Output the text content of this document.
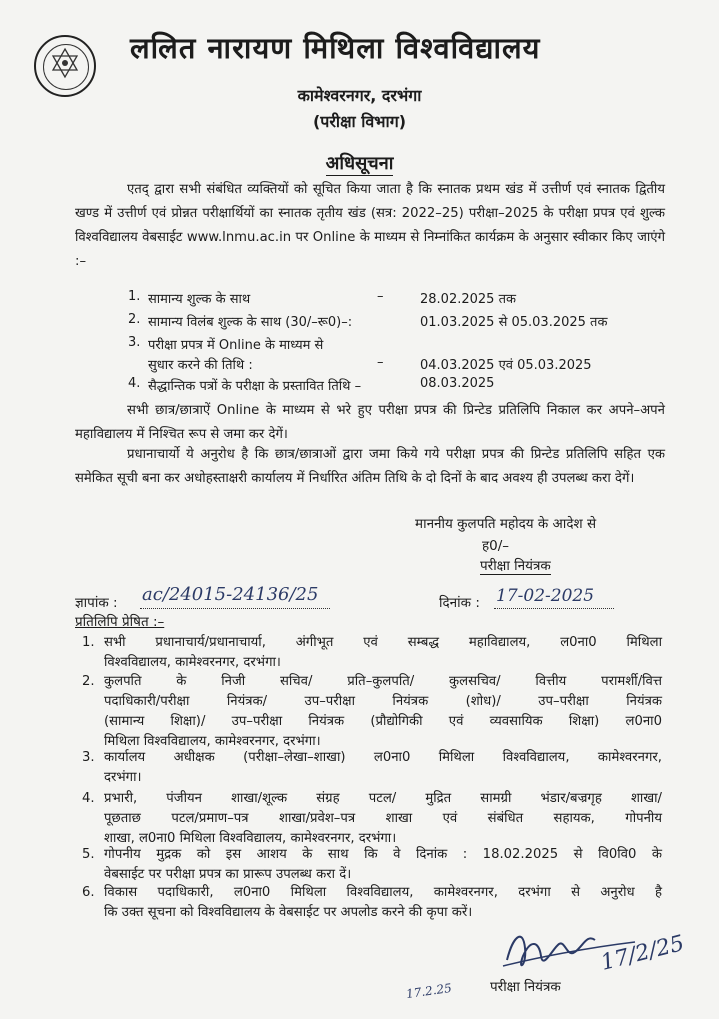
ललित नारायण मिथिला विश्वविद्यालय
कामेश्वरनगर, दरभंगा
(परीक्षा विभाग)
अधिसूचना
एतद् द्वारा सभी संबंधित व्यक्तियों को सूचित किया जाता है कि स्नातक प्रथम खंड में उत्तीर्ण एवं स्नातक द्वितीय खण्ड में उत्तीर्ण एवं प्रोन्नत परीक्षार्थियों का स्नातक तृतीय खंड (सत्र: 2022–25) परीक्षा–2025 के परीक्षा प्रपत्र एवं शुल्क विश्वविद्यालय वेबसाईट www.lnmu.ac.in पर Online के माध्यम से निम्नांकित कार्यक्रम के अनुसार स्वीकार किए जाएंगे :–
1. सामान्य शुल्क के साथ	–	28.02.2025 तक
2. सामान्य विलंब शुल्क के साथ (30/–रू0)–:	01.03.2025 से 05.03.2025 तक
3. परीक्षा प्रपत्र में Online के माध्यम से
सुधार करने की तिथि :	–	04.03.2025 एवं 05.03.2025
4. सैद्धान्तिक पत्रों के परीक्षा के प्रस्तावित तिथि –	08.03.2025
सभी छात्र/छात्राऐं Online के माध्यम से भरे हुए परीक्षा प्रपत्र की प्रिन्टेड प्रतिलिपि निकाल कर अपने–अपने महाविद्यालय में निश्चित रूप से जमा कर देगें।
प्रधानाचार्यो ये अनुरोध है कि छात्र/छात्राओं द्वारा जमा किये गये परीक्षा प्रपत्र की प्रिन्टेड प्रतिलिपि सहित एक समेकित सूची बना कर अधोहस्ताक्षरी कार्यालय में निर्धारित अंतिम तिथि के दो दिनों के बाद अवश्य ही उपलब्ध करा देगें।
माननीय कुलपति महोदय के आदेश से
ह0/–
परीक्षा नियंत्रक
ज्ञापांक : ac/24015-24136/25	दिनांक : 17-02-2025
प्रतिलिपि प्रेषित :–
1. सभी प्रधानाचार्य/प्रधानाचार्या, अंगीभूत एवं सम्बद्ध महाविद्यालय, ल0ना0 मिथिला
विश्वविद्यालय, कामेश्वरनगर, दरभंगा।
2. कुलपति के निजी सचिव/ प्रति–कुलपति/ कुलसचिव/ वित्तीय परामर्शी/वित्त
पदाधिकारी/परीक्षा नियंत्रक/ उप–परीक्षा नियंत्रक (शोध)/ उप–परीक्षा नियंत्रक
(सामान्य शिक्षा)/ उप–परीक्षा नियंत्रक (प्रौद्योगिकी एवं व्यवसायिक शिक्षा) ल0ना0
मिथिला विश्वविद्यालय, कामेश्वरनगर, दरभंगा।
3. कार्यालय अधीक्षक (परीक्षा–लेखा–शाखा) ल0ना0 मिथिला विश्वविद्यालय, कामेश्वरनगर,
दरभंगा।
4. प्रभारी, पंजीयन शाखा/शूल्क संग्रह पटल/ मुद्रित सामग्री भंडार/बज्रगृह शाखा/
पूछताछ पटल/प्रमाण–पत्र शाखा/प्रवेश–पत्र शाखा एवं संबंधित सहायक, गोपनीय
शाखा, ल0ना0 मिथिला विश्वविद्यालय, कामेश्वरनगर, दरभंगा।
5. गोपनीय मुद्रक को इस आशय के साथ कि वे दिनांक : 18.02.2025 से वि0वि0 के
वेबसाईट पर परीक्षा प्रपत्र का प्रारूप उपलब्ध करा दें।
6. विकास पदाधिकारी, ल0ना0 मिथिला विश्वविद्यालय, कामेश्वरनगर, दरभंगा से अनुरोध है
कि उक्त सूचना को विश्वविद्यालय के वेबसाईट पर अपलोड करने की कृपा करें।
17/2/25
17.2.25	परीक्षा नियंत्रक
